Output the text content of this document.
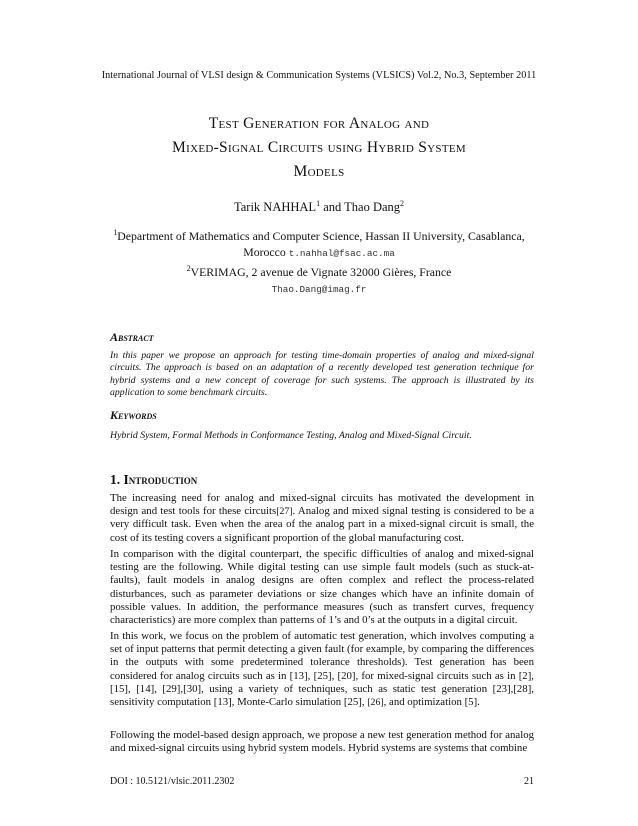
International Journal of VLSI design & Communication Systems (VLSICS) Vol.2, No.3, September 2011
Test Generation for Analog and
Mixed-Signal Circuits using Hybrid System
Models
Tarik NAHHAL$^1$ and Thao Dang$^2$
$^1$Department of Mathematics and Computer Science, Hassan II University, Casablanca, Morocco t.nahhal@fsac.ac.ma
$^2$VERIMAG, 2 avenue de Vignate 32000 Gières, France
Thao.Dang@imag.fr
Abstract
In this paper we propose an approach for testing time-domain properties of analog and mixed-signal circuits. The approach is based on an adaptation of a recently developed test generation technique for hybrid systems and a new concept of coverage for such systems. The approach is illustrated by its application to some benchmark circuits.
Keywords
Hybrid System, Formal Methods in Conformance Testing, Analog and Mixed-Signal Circuit.
1. Introduction
The increasing need for analog and mixed-signal circuits has motivated the development in design and test tools for these circuits[27]. Analog and mixed signal testing is considered to be a very difficult task. Even when the area of the analog part in a mixed-signal circuit is small, the cost of its testing covers a significant proportion of the global manufacturing cost.
In comparison with the digital counterpart, the specific difficulties of analog and mixed-signal testing are the following. While digital testing can use simple fault models (such as stuck-at-faults), fault models in analog designs are often complex and reflect the process-related disturbances, such as parameter deviations or size changes which have an infinite domain of possible values. In addition, the performance measures (such as transfert curves, frequency characteristics) are more complex than patterns of 1’s and 0’s at the outputs in a digital circuit.
In this work, we focus on the problem of automatic test generation, which involves computing a set of input patterns that permit detecting a given fault (for example, by comparing the differences in the outputs with some predetermined tolerance thresholds). Test generation has been considered for analog circuits such as in [13], [25], [20], for mixed-signal circuits such as in [2], [15], [14], [29],[30], using a variety of techniques, such as static test generation [23],[28], sensitivity computation [13], Monte-Carlo simulation [25], [26], and optimization [5].
Following the model-based design approach, we propose a new test generation method for analog and mixed-signal circuits using hybrid system models. Hybrid systems are systems that combine
DOI : 10.5121/vlsic.2011.2302	21
